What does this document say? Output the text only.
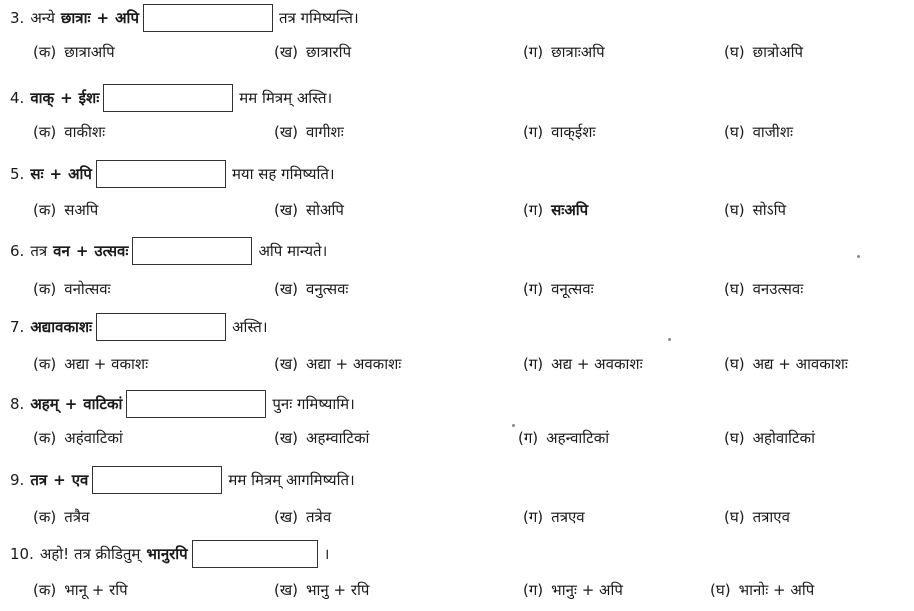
3. अन्ये छात्राः + अपि	तत्र गमिष्यन्ति।
(क) छात्राअपि	(ख) छात्रारपि	(ग) छात्राःअपि	(घ) छात्रोअपि
4. वाक् + ईशः	मम मित्रम् अस्ति।
(क) वाकीशः	(ख) वागीशः	(ग) वाक्ईशः	(घ) वाजीशः
5. सः + अपि	मया सह गमिष्यति।
(क) सअपि	(ख) सोअपि	(ग) सःअपि	(घ) सोऽपि
6. तत्र वन + उत्सवः	अपि मान्यते।
(क) वनोत्सवः	(ख) वनुत्सवः	(ग) वनूत्सवः	(घ) वनउत्सवः
7. अद्यावकाशः	अस्ति।
(क) अद्या + वकाशः	(ख) अद्या + अवकाशः	(ग) अद्य + अवकाशः	(घ) अद्य + आवकाशः
8. अहम् + वाटिकां	पुनः गमिष्यामि।
(क) अहंवाटिकां	(ख) अहम्वाटिकां	(ग) अहन्वाटिकां	(घ) अहोवाटिकां
9. तत्र + एव	मम मित्रम् आगमिष्यति।
(क) तत्रैव	(ख) तत्रेव	(ग) तत्रएव	(घ) तत्राएव
10. अहो! तत्र क्रीडितुम् भानुरपि	।
(क) भानू + रपि	(ख) भानु + रपि	(ग) भानुः + अपि	(घ) भानोः + अपि
